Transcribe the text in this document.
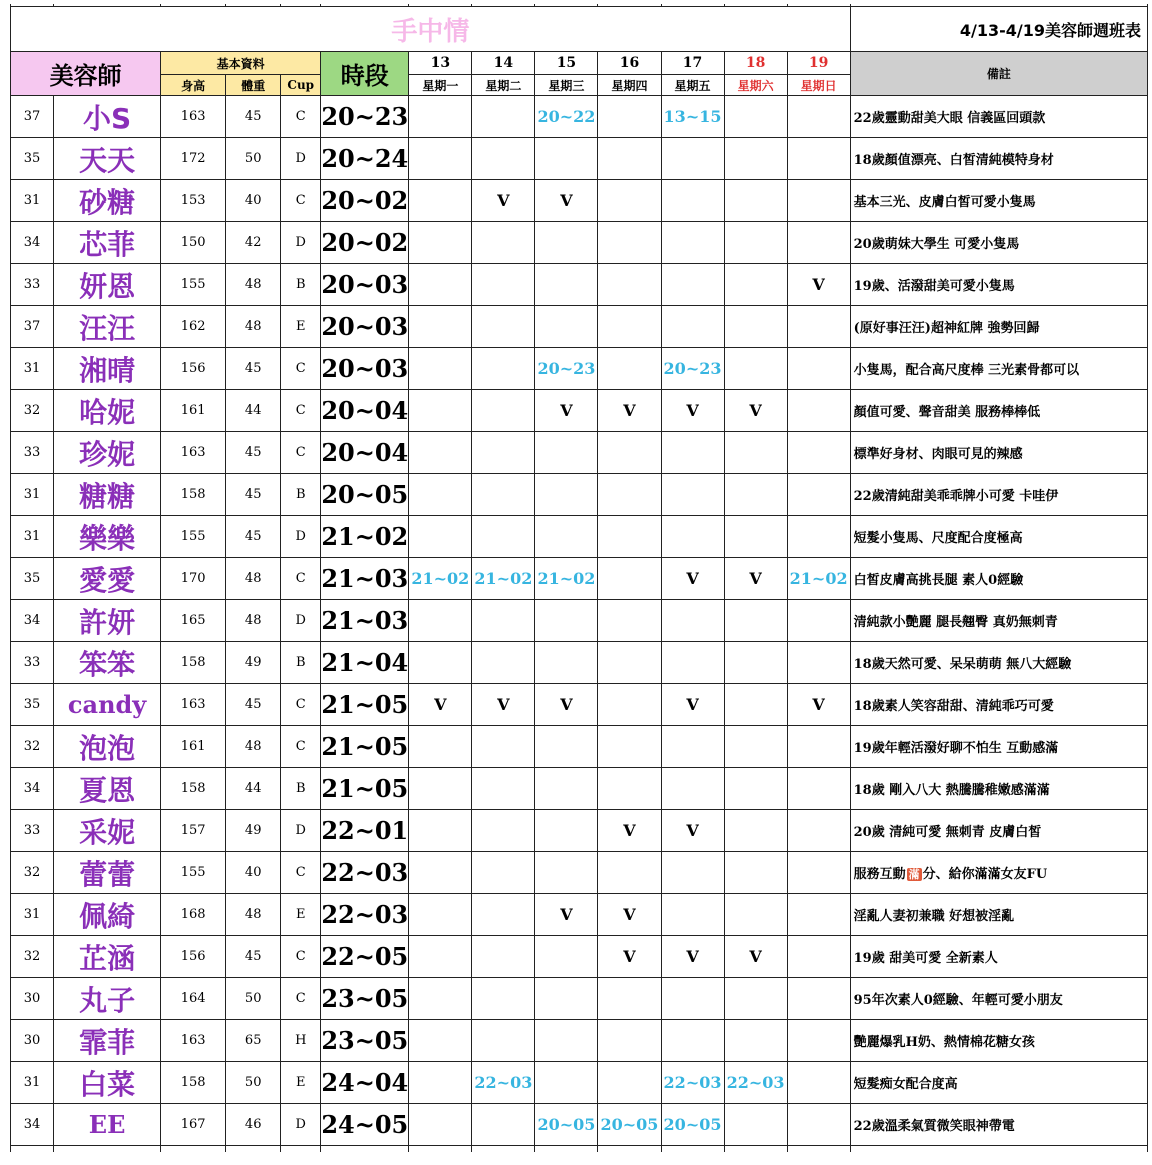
手中情													4/13-4/19美容師週班表
美容師		基本資料			時段	13	14	15	16	17	18	19	備註
		身高	體重	Cup		星期一	星期二	星期三	星期四	星期五	星期六	星期日	
37	小S	163	45	C	20~23			20~22		13~15			22歲靈動甜美大眼 信義區回頭款
35	天天	172	50	D	20~24								18歲顏值漂亮、白皙清純模特身材
31	砂糖	153	40	C	20~02		V	V					基本三光、皮膚白皙可愛小隻馬
34	芯菲	150	42	D	20~02								20歲萌妹大學生 可愛小隻馬
33	妍恩	155	48	B	20~03							V	19歲、活潑甜美可愛小隻馬
37	汪汪	162	48	E	20~03								(原好事汪汪)超神紅牌 強勢回歸
31	湘晴	156	45	C	20~03			20~23		20~23			小隻馬，配合高尺度棒 三光素骨都可以
32	哈妮	161	44	C	20~04			V	V	V	V		顏值可愛、聲音甜美 服務棒棒低
33	珍妮	163	45	C	20~04								標準好身材、肉眼可見的辣感
31	糖糖	158	45	B	20~05								22歲清純甜美乖乖牌小可愛 卡哇伊
31	樂樂	155	45	D	21~02								短髮小隻馬、尺度配合度極高
35	愛愛	170	48	C	21~03	21~02	21~02	21~02		V	V	21~02	白皙皮膚高挑長腿 素人0經驗
34	許妍	165	48	D	21~03								清純款小艷麗 腿長翹臀 真奶無刺青
33	笨笨	158	49	B	21~04								18歲天然可愛、呆呆萌萌 無八大經驗
35	candy	163	45	C	21~05	V	V	V		V		V	18歲素人笑容甜甜、清純乖巧可愛
32	泡泡	161	48	C	21~05								19歲年輕活潑好聊不怕生 互動感滿
34	夏恩	158	44	B	21~05								18歲 剛入八大 熱騰騰稚嫩感滿滿
33	采妮	157	49	D	22~01				V	V			20歲 清純可愛 無刺青 皮膚白皙
32	蕾蕾	155	40	C	22~03								服務互動 滿 分、給你滿滿女友FU
31	佩綺	168	48	E	22~03			V	V				淫亂人妻初兼職 好想被淫亂
32	芷涵	156	45	C	22~05				V	V	V		19歲 甜美可愛 全新素人
30	丸子	164	50	C	23~05								95年次素人0經驗、年輕可愛小朋友
30	霏菲	163	65	H	23~05								艷麗爆乳H奶、熱情棉花糖女孩
31	白菜	158	50	E	24~04		22~03			22~03	22~03		短髮痴女配合度高
34	EE	167	46	D	24~05			20~05	20~05	20~05			22歲溫柔氣質微笑眼神帶電
